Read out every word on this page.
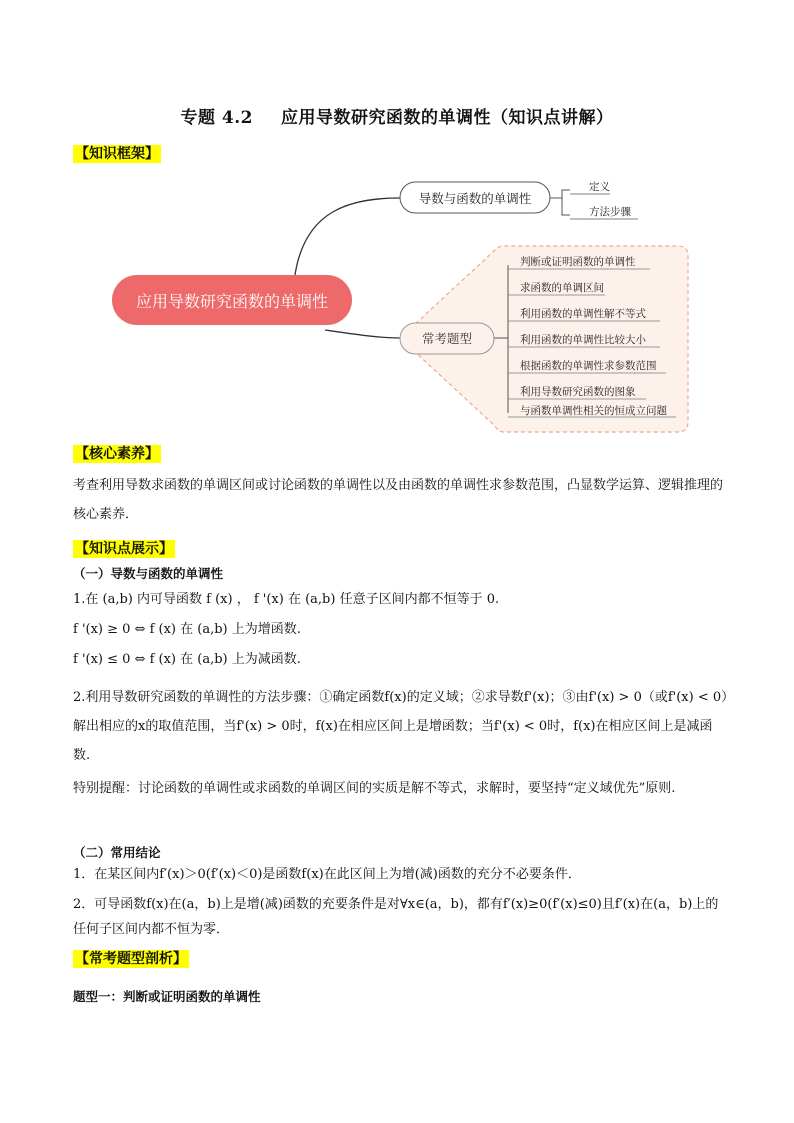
专题 4.2 应用导数研究函数的单调性（知识点讲解）
【知识框架】
应用导数研究函数的单调性
导数与函数的单调性
定义
方法步骤
常考题型
判断或证明函数的单调性
求函数的单调区间
利用函数的单调性解不等式
利用函数的单调性比较大小
根据函数的单调性求参数范围
利用导数研究函数的图象
与函数单调性相关的恒成立问题
【核心素养】
考查利用导数求函数的单调区间或讨论函数的单调性以及由函数的单调性求参数范围，凸显数学运算、逻辑推理的核心素养．
【知识点展示】
（一）导数与函数的单调性
1.在 (a,b) 内可导函数 f (x) ， f '(x) 在 (a,b) 任意子区间内都不恒等于 0.
f '(x) ≥ 0 ⇔ f (x) 在 (a,b) 上为增函数.
f '(x) ≤ 0 ⇔ f (x) 在 (a,b) 上为减函数.
2.利用导数研究函数的单调性的方法步骤：①确定函数f(x)的定义域；②求导数f'(x)；③由f'(x) > 0（或f'(x) < 0）解出相应的x的取值范围，当f'(x) > 0时，f(x)在相应区间上是增函数；当f'(x) < 0时，f(x)在相应区间上是减函数.
特别提醒：讨论函数的单调性或求函数的单调区间的实质是解不等式，求解时，要坚持“定义域优先”原则.
（二）常用结论
1．在某区间内f′(x)＞0(f′(x)＜0)是函数f(x)在此区间上为增(减)函数的充分不必要条件．
2．可导函数f(x)在(a，b)上是增(减)函数的充要条件是对∀x∈(a，b)，都有f′(x)≥0(f′(x)≤0)且f′(x)在(a，b)上的任何子区间内都不恒为零．
【常考题型剖析】
题型一：判断或证明函数的单调性
